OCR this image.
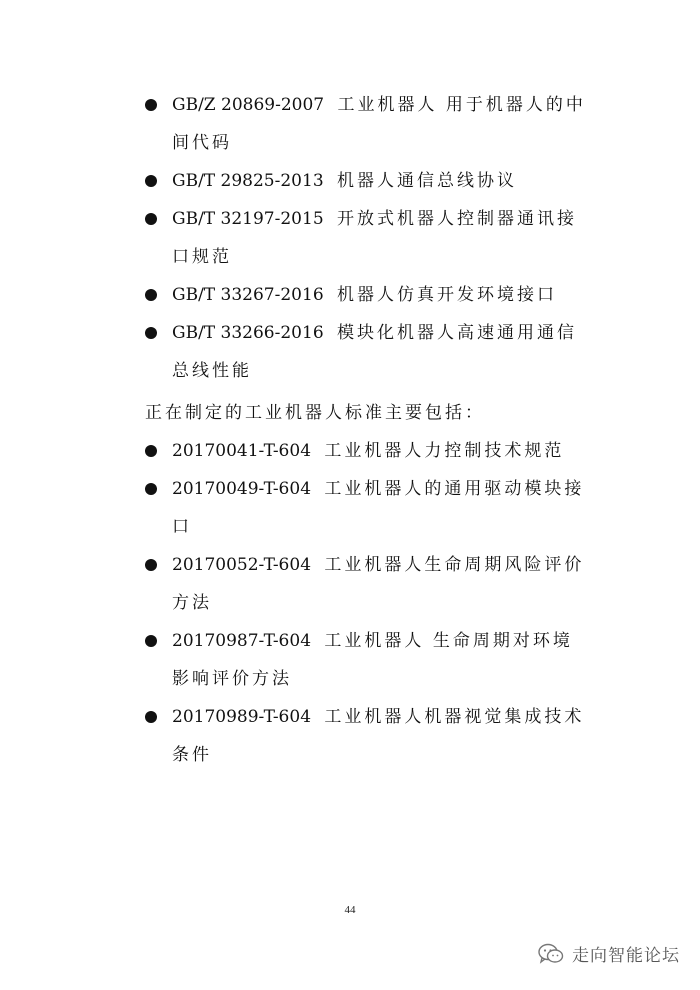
GB/Z 20869-2007 工业机器人 用于机器人的中间代码

GB/T 29825-2013 机器人通信总线协议

GB/T 32197-2015 开放式机器人控制器通讯接口规范

GB/T 33267-2016 机器人仿真开发环境接口

GB/T 33266-2016 模块化机器人高速通用通信总线性能

正在制定的工业机器人标准主要包括：

20170041-T-604 工业机器人力控制技术规范

20170049-T-604 工业机器人的通用驱动模块接口

20170052-T-604 工业机器人生命周期风险评价方法

20170987-T-604 工业机器人 生命周期对环境影响评价方法

20170989-T-604 工业机器人机器视觉集成技术条件

44
走向智能论坛
